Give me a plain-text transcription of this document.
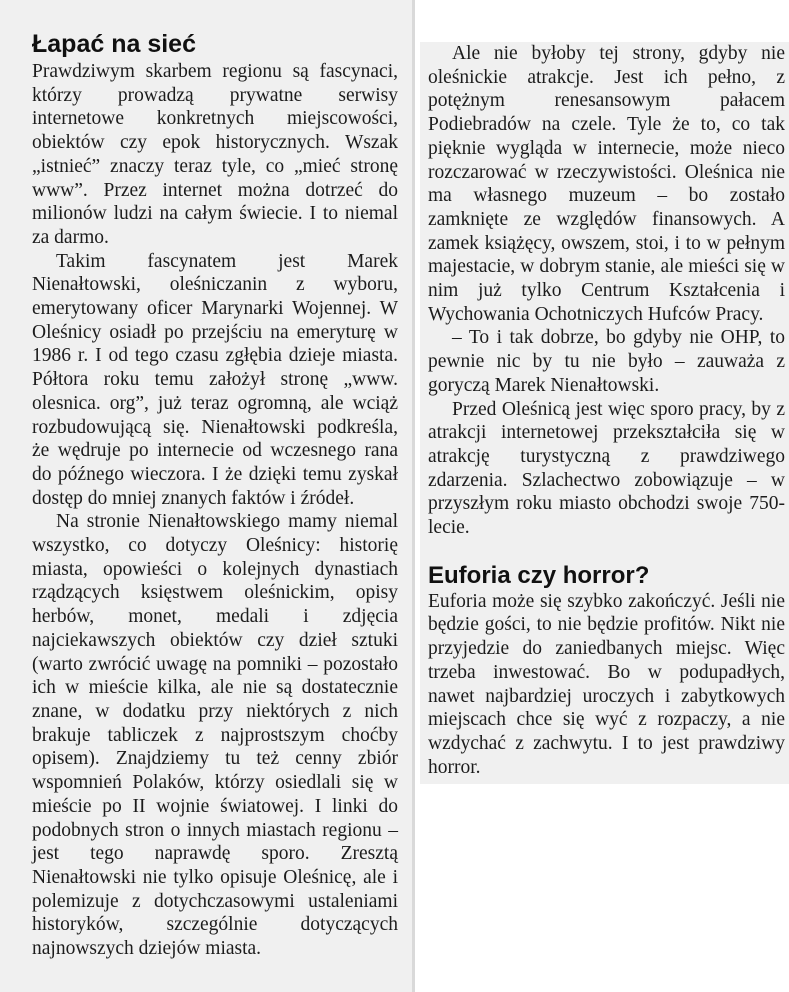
Łapać na sieć

Prawdziwym skarbem regionu są fascynaci, którzy prowadzą prywatne serwisy internetowe konkretnych miejscowości, obiektów czy epok historycznych. Wszak „istnieć” znaczy teraz tyle, co „mieć stronę www”. Przez internet można dotrzeć do milionów ludzi na całym świecie. I to niemal za darmo.

Takim fascynatem jest Marek Nienałtowski, oleśniczanin z wyboru, emerytowany oficer Marynarki Wojennej. W Oleśnicy osiadł po przejściu na emeryturę w 1986 r. I od tego czasu zgłębia dzieje miasta. Półtora roku temu założył stronę „www. olesnica. org”, już teraz ogromną, ale wciąż rozbudowującą się. Nienałtowski podkreśla, że wędruje po internecie od wczesnego rana do późnego wieczora. I że dzięki temu zyskał dostęp do mniej znanych faktów i źródeł.

Na stronie Nienałtowskiego mamy niemal wszystko, co dotyczy Oleśnicy: historię miasta, opowieści o kolejnych dynastiach rządzących księstwem oleśnickim, opisy herbów, monet, medali i zdjęcia najciekawszych obiektów czy dzieł sztuki (warto zwrócić uwagę na pomniki – pozostało ich w mieście kilka, ale nie są dostatecznie znane, w dodatku przy niektórych z nich brakuje tabliczek z najprostszym choćby opisem). Znajdziemy tu też cenny zbiór wspomnień Polaków, którzy osiedlali się w mieście po II wojnie światowej. I linki do podobnych stron o innych miastach regionu – jest tego naprawdę sporo. Zresztą Nienałtowski nie tylko opisuje Oleśnicę, ale i polemizuje z dotychczasowymi ustaleniami historyków, szczególnie dotyczących najnowszych dziejów miasta.

Ale nie byłoby tej strony, gdyby nie oleśnickie atrakcje. Jest ich pełno, z potężnym renesansowym pałacem Podiebradów na czele. Tyle że to, co tak pięknie wygląda w internecie, może nieco rozczarować w rzeczywistości. Oleśnica nie ma własnego muzeum – bo zostało zamknięte ze względów finansowych. A zamek książęcy, owszem, stoi, i to w pełnym majestacie, w dobrym stanie, ale mieści się w nim już tylko Centrum Kształcenia i Wychowania Ochotniczych Hufców Pracy.

– To i tak dobrze, bo gdyby nie OHP, to pewnie nic by tu nie było – zauważa z goryczą Marek Nienałtowski.

Przed Oleśnicą jest więc sporo pracy, by z atrakcji internetowej przekształciła się w atrakcję turystyczną z prawdziwego zdarzenia. Szlachectwo zobowiązuje – w przyszłym roku miasto obchodzi swoje 750-lecie.

Euforia czy horror?

Euforia może się szybko zakończyć. Jeśli nie będzie gości, to nie będzie profitów. Nikt nie przyjedzie do zaniedbanych miejsc. Więc trzeba inwestować. Bo w podupadłych, nawet najbardziej uroczych i zabytkowych miejscach chce się wyć z rozpaczy, a nie wzdychać z zachwytu. I to jest prawdziwy horror.
